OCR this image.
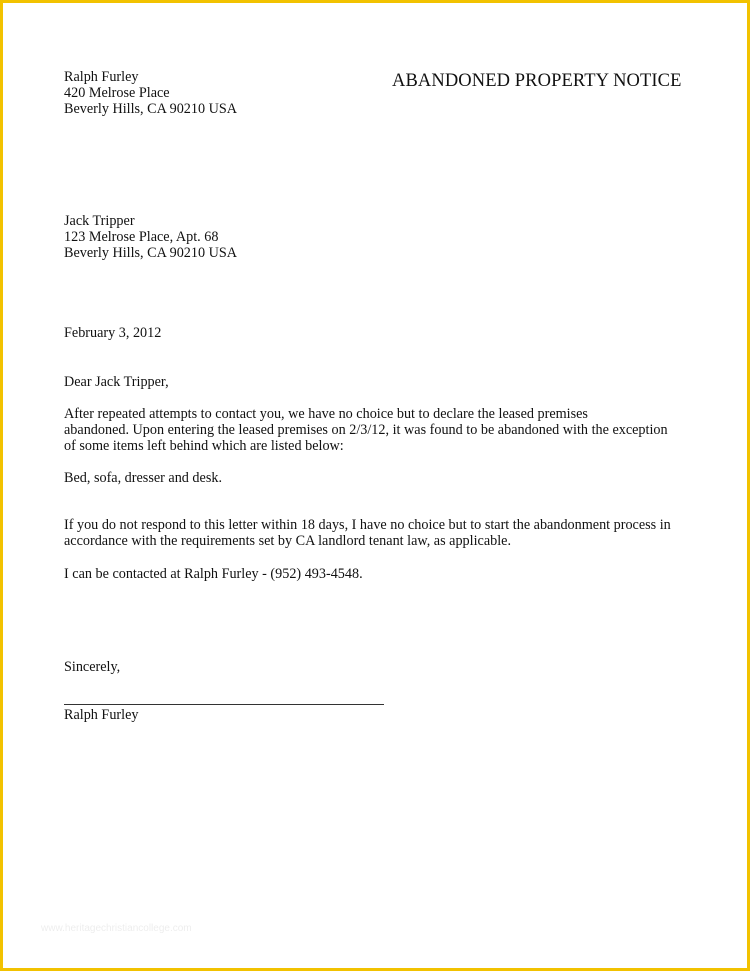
Ralph Furley
420 Melrose Place
Beverly Hills, CA 90210 USA
ABANDONED PROPERTY NOTICE
Jack Tripper
123 Melrose Place, Apt. 68
Beverly Hills, CA 90210 USA
February 3, 2012
Dear Jack Tripper,
After repeated attempts to contact you, we have no choice but to declare the leased premises
abandoned. Upon entering the leased premises on 2/3/12, it was found to be abandoned with the exception
of some items left behind which are listed below:
Bed, sofa, dresser and desk.
If you do not respond to this letter within 18 days, I have no choice but to start the abandonment process in
accordance with the requirements set by CA landlord tenant law, as applicable.
I can be contacted at Ralph Furley - (952) 493-4548.
Sincerely,
Ralph Furley
www.heritagechristiancollege.com
